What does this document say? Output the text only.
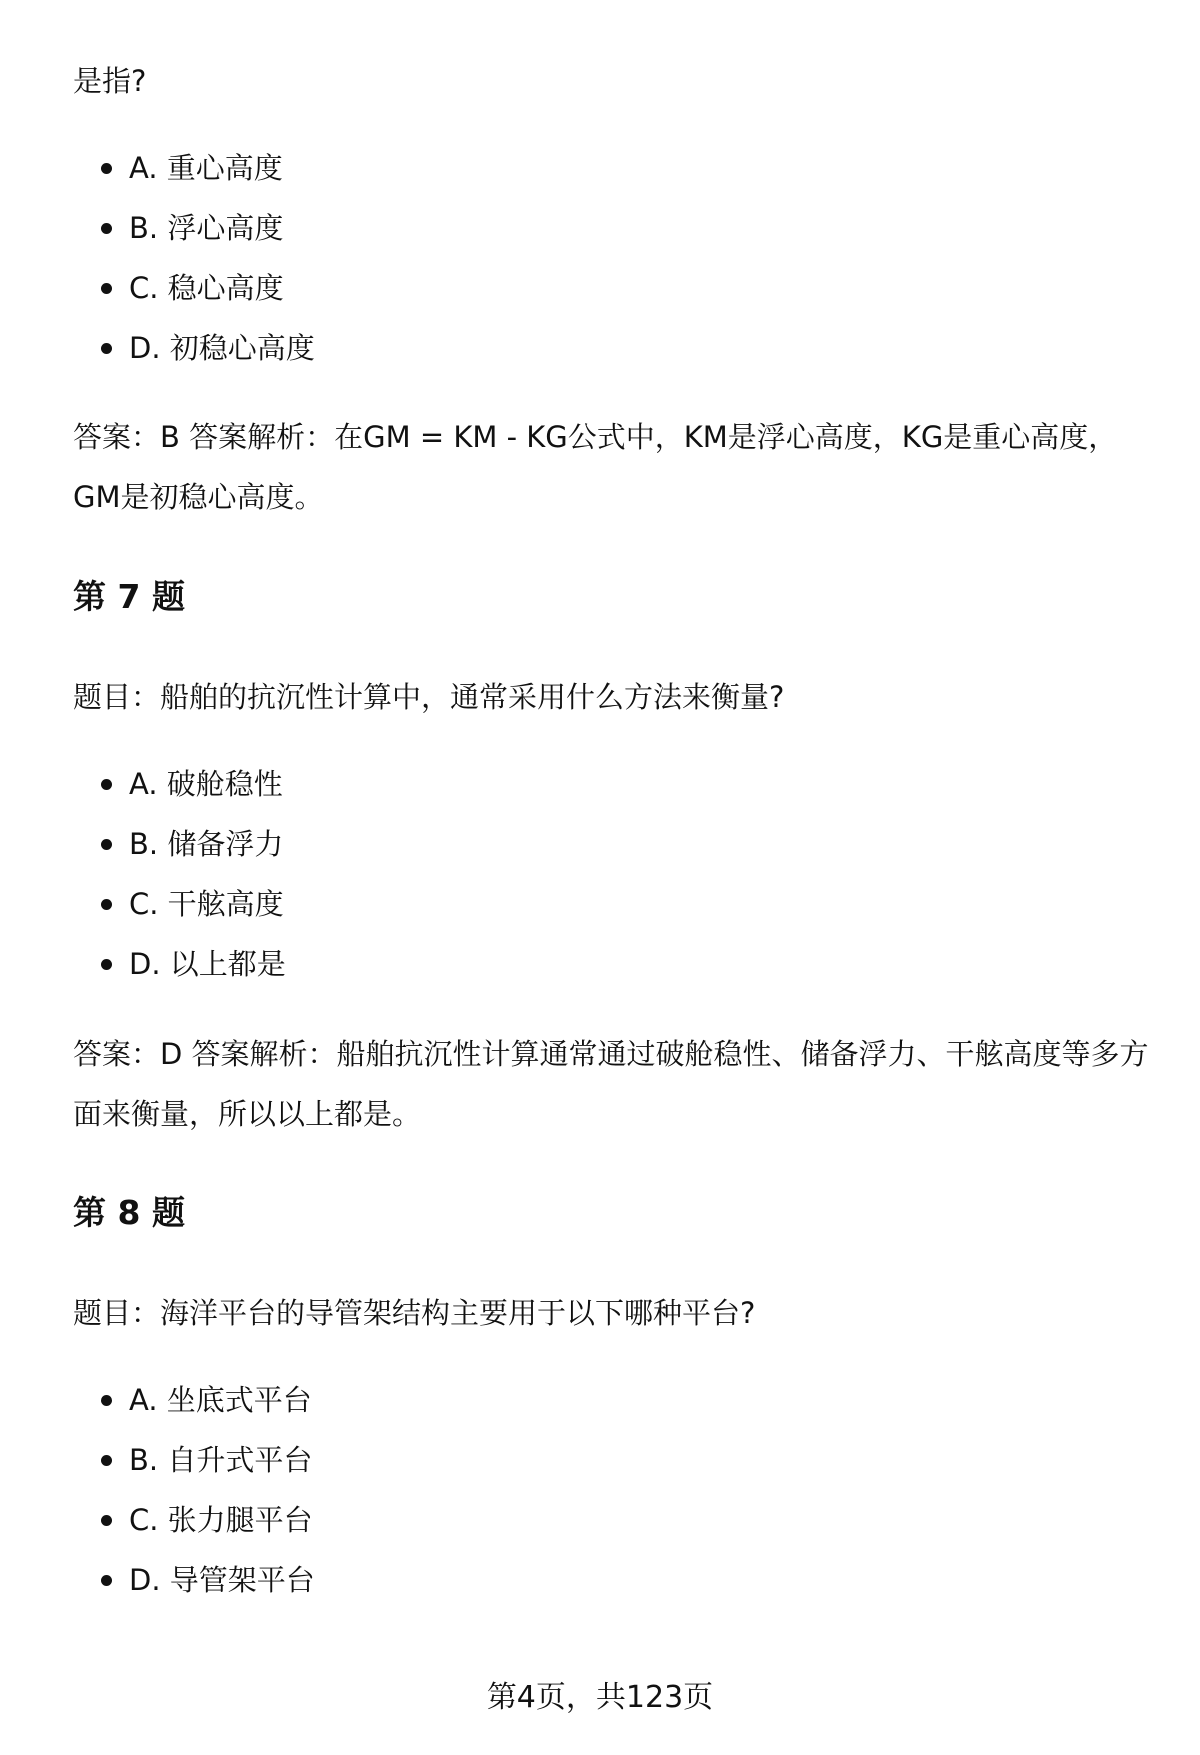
是指?

A. 重心高度
B. 浮心高度
C. 稳心高度
D. 初稳心高度

答案：B 答案解析：在GM = KM - KG公式中，KM是浮心高度，KG是重心高度，GM是初稳心高度。

第 7 题

题目：船舶的抗沉性计算中，通常采用什么方法来衡量?

A. 破舱稳性
B. 储备浮力
C. 干舷高度
D. 以上都是

答案：D 答案解析：船舶抗沉性计算通常通过破舱稳性、储备浮力、干舷高度等多方面来衡量，所以以上都是。

第 8 题

题目：海洋平台的导管架结构主要用于以下哪种平台?

A. 坐底式平台
B. 自升式平台
C. 张力腿平台
D. 导管架平台
第4页，共123页
